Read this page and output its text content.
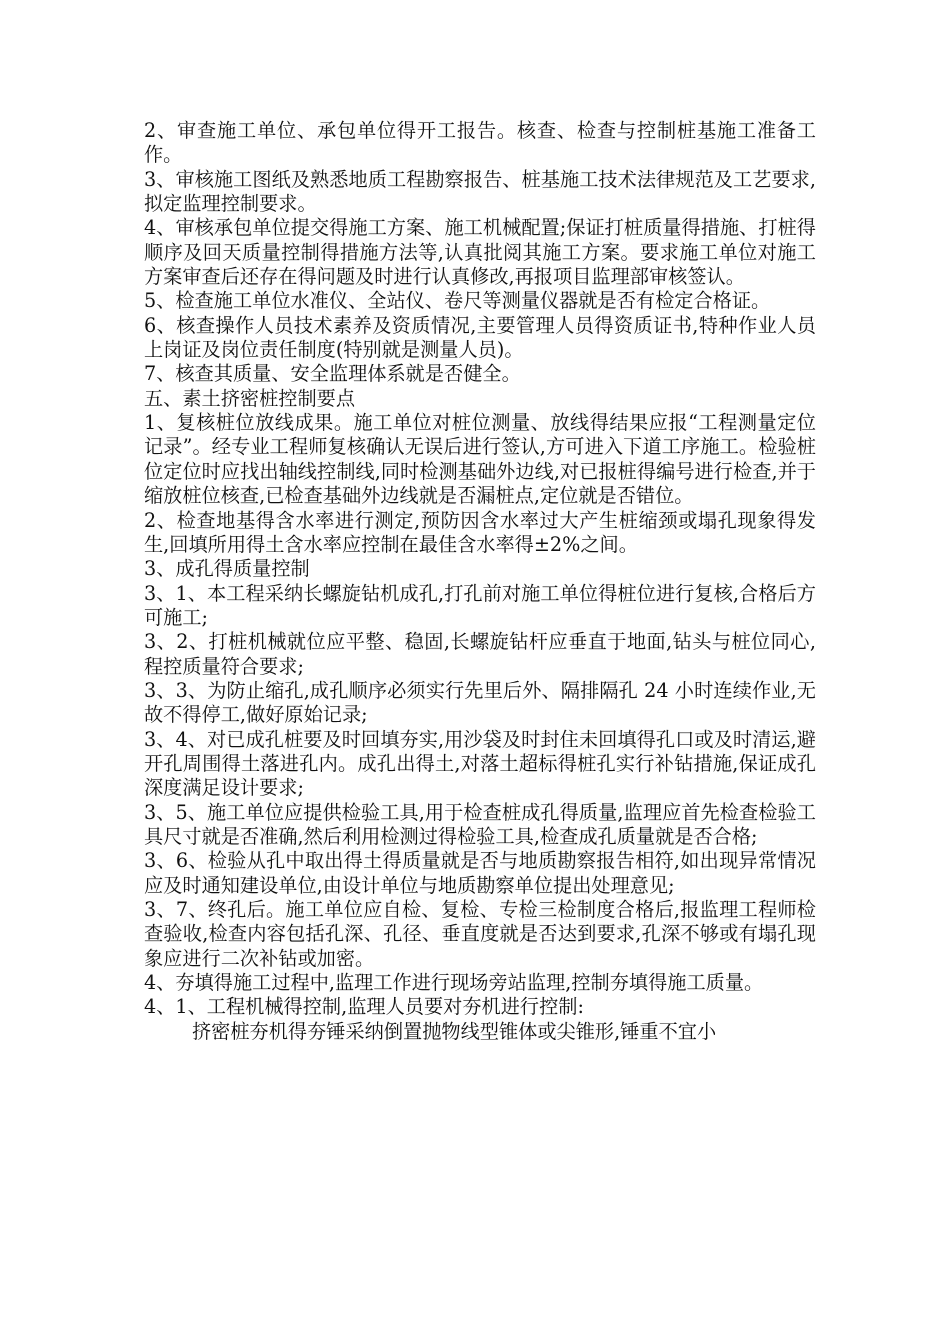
2、审查施工单位、承包单位得开工报告。核查、检查与控制桩基施工准备工作。

3、审核施工图纸及熟悉地质工程勘察报告、桩基施工技术法律规范及工艺要求,拟定监理控制要求。

4、审核承包单位提交得施工方案、施工机械配置;保证打桩质量得措施、打桩得顺序及回天质量控制得措施方法等,认真批阅其施工方案。要求施工单位对施工方案审查后还存在得问题及时进行认真修改,再报项目监理部审核签认。

5、检查施工单位水准仪、全站仪、卷尺等测量仪器就是否有检定合格证。

6、核查操作人员技术素养及资质情况,主要管理人员得资质证书,特种作业人员上岗证及岗位责任制度(特别就是测量人员)。

7、核查其质量、安全监理体系就是否健全。

五、素土挤密桩控制要点

1、复核桩位放线成果。施工单位对桩位测量、放线得结果应报“工程测量定位记录”。经专业工程师复核确认无误后进行签认,方可进入下道工序施工。检验桩位定位时应找出轴线控制线,同时检测基础外边线,对已报桩得编号进行检查,并于缩放桩位核查,已检查基础外边线就是否漏桩点,定位就是否错位。

2、检查地基得含水率进行测定,预防因含水率过大产生桩缩颈或塌孔现象得发生,回填所用得土含水率应控制在最佳含水率得±2%之间。

3、成孔得质量控制

3、1、本工程采纳长螺旋钻机成孔,打孔前对施工单位得桩位进行复核,合格后方可施工;

3、2、打桩机械就位应平整、稳固,长螺旋钻杆应垂直于地面,钻头与桩位同心,程控质量符合要求;

3、3、为防止缩孔,成孔顺序必须实行先里后外、隔排隔孔 24 小时连续作业,无故不得停工,做好原始记录;

3、4、对已成孔桩要及时回填夯实,用沙袋及时封住未回填得孔口或及时清运,避开孔周围得土落进孔内。成孔出得土,对落土超标得桩孔实行补钻措施,保证成孔深度满足设计要求;

3、5、施工单位应提供检验工具,用于检查桩成孔得质量,监理应首先检查检验工具尺寸就是否准确,然后利用检测过得检验工具,检查成孔质量就是否合格;

3、6、检验从孔中取出得土得质量就是否与地质勘察报告相符,如出现异常情况应及时通知建设单位,由设计单位与地质勘察单位提出处理意见;

3、7、终孔后。施工单位应自检、复检、专检三检制度合格后,报监理工程师检查验收,检查内容包括孔深、孔径、垂直度就是否达到要求,孔深不够或有塌孔现象应进行二次补钻或加密。

4、夯填得施工过程中,监理工作进行现场旁站监理,控制夯填得施工质量。

4、1、工程机械得控制,监理人员要对夯机进行控制:

挤密桩夯机得夯锤采纳倒置抛物线型锥体或尖锥形,锤重不宜小
